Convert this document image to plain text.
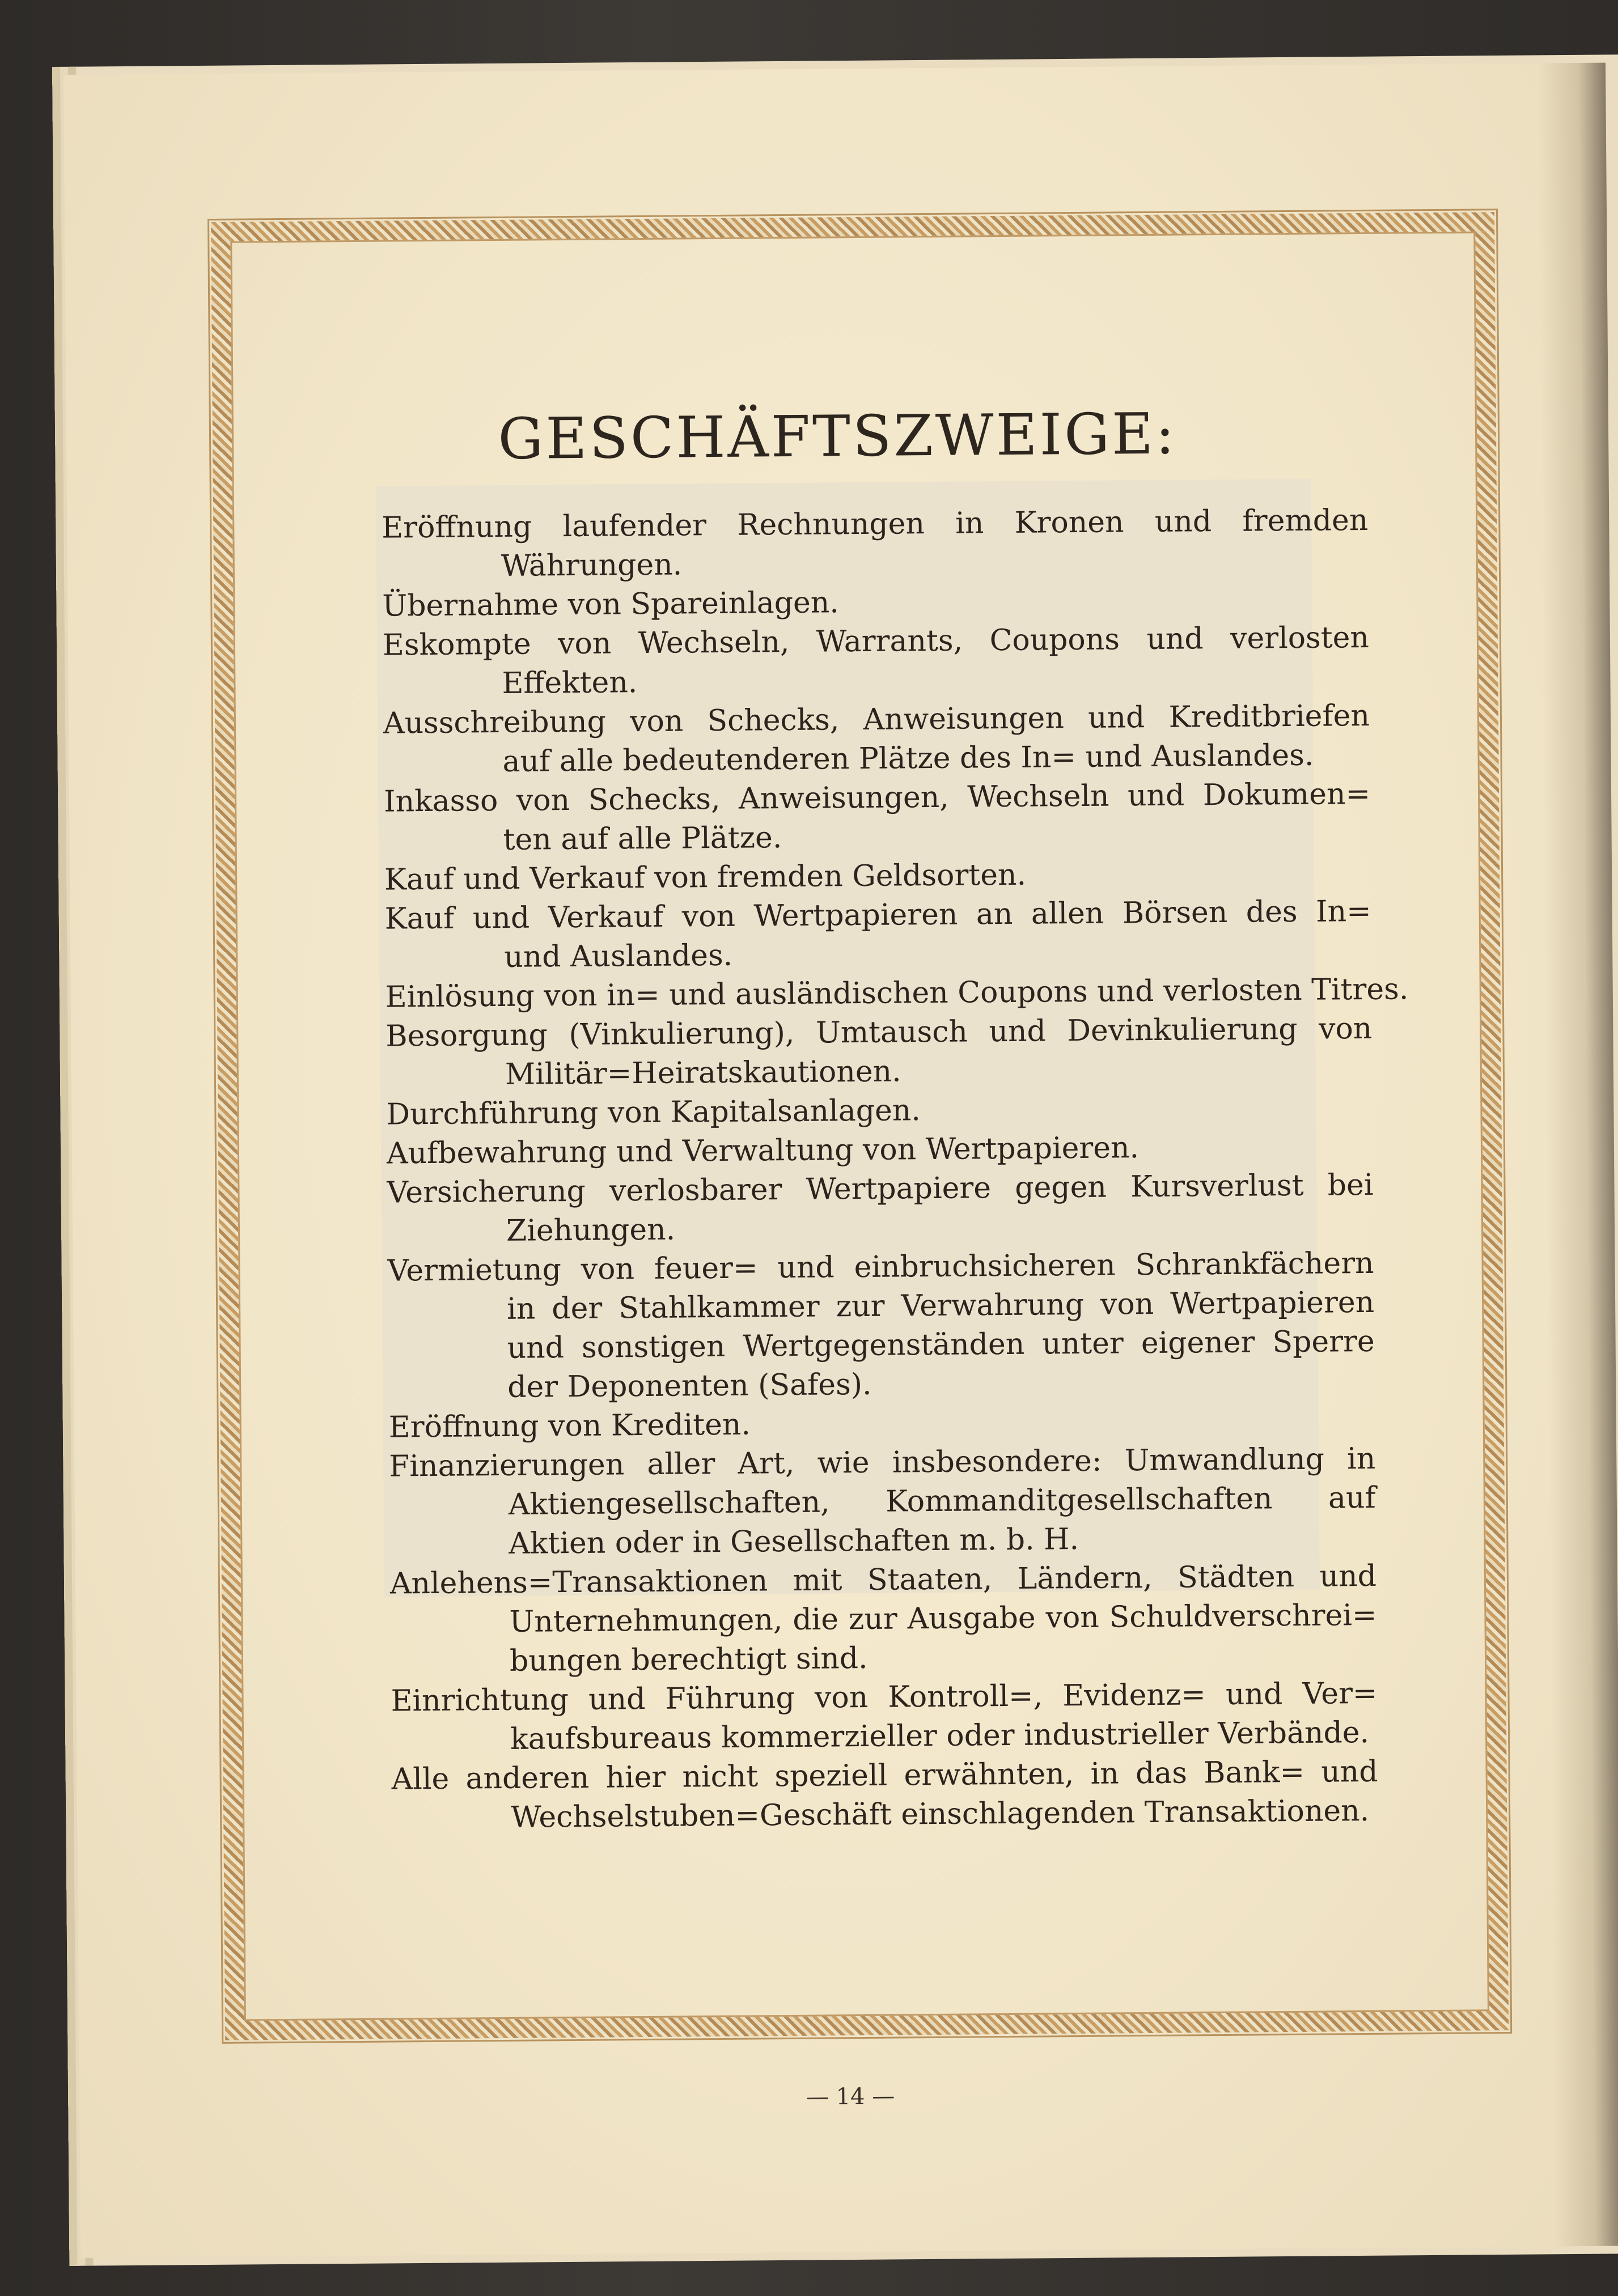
GESCHÄFTSZWEIGE:
Eröffnung laufender Rechnungen in Kronen und fremden
Währungen.
Übernahme von Spareinlagen.
Eskompte von Wechseln, Warrants, Coupons und verlosten
Effekten.
Ausschreibung von Schecks, Anweisungen und Kreditbriefen
auf alle bedeutenderen Plätze des In= und Auslandes.
Inkasso von Schecks, Anweisungen, Wechseln und Dokumen=
ten auf alle Plätze.
Kauf und Verkauf von fremden Geldsorten.
Kauf und Verkauf von Wertpapieren an allen Börsen des In=
und Auslandes.
Einlösung von in= und ausländischen Coupons und verlosten Titres.
Besorgung (Vinkulierung), Umtausch und Devinkulierung von
Militär=Heiratskautionen.
Durchführung von Kapitalsanlagen.
Aufbewahrung und Verwaltung von Wertpapieren.
Versicherung verlosbarer Wertpapiere gegen Kursverlust bei
Ziehungen.
Vermietung von feuer= und einbruchsicheren Schrankfächern
in der Stahlkammer zur Verwahrung von Wertpapieren
und sonstigen Wertgegenständen unter eigener Sperre
der Deponenten (Safes).
Eröffnung von Krediten.
Finanzierungen aller Art, wie insbesondere: Umwandlung in
Aktiengesellschaften, Kommanditgesellschaften auf
Aktien oder in Gesellschaften m. b. H.
Anlehens=Transaktionen mit Staaten, Ländern, Städten und
Unternehmungen, die zur Ausgabe von Schuldverschrei=
bungen berechtigt sind.
Einrichtung und Führung von Kontroll=, Evidenz= und Ver=
kaufsbureaus kommerzieller oder industrieller Verbände.
Alle anderen hier nicht speziell erwähnten, in das Bank= und
Wechselstuben=Geschäft einschlagenden Transaktionen.
— 14 —
